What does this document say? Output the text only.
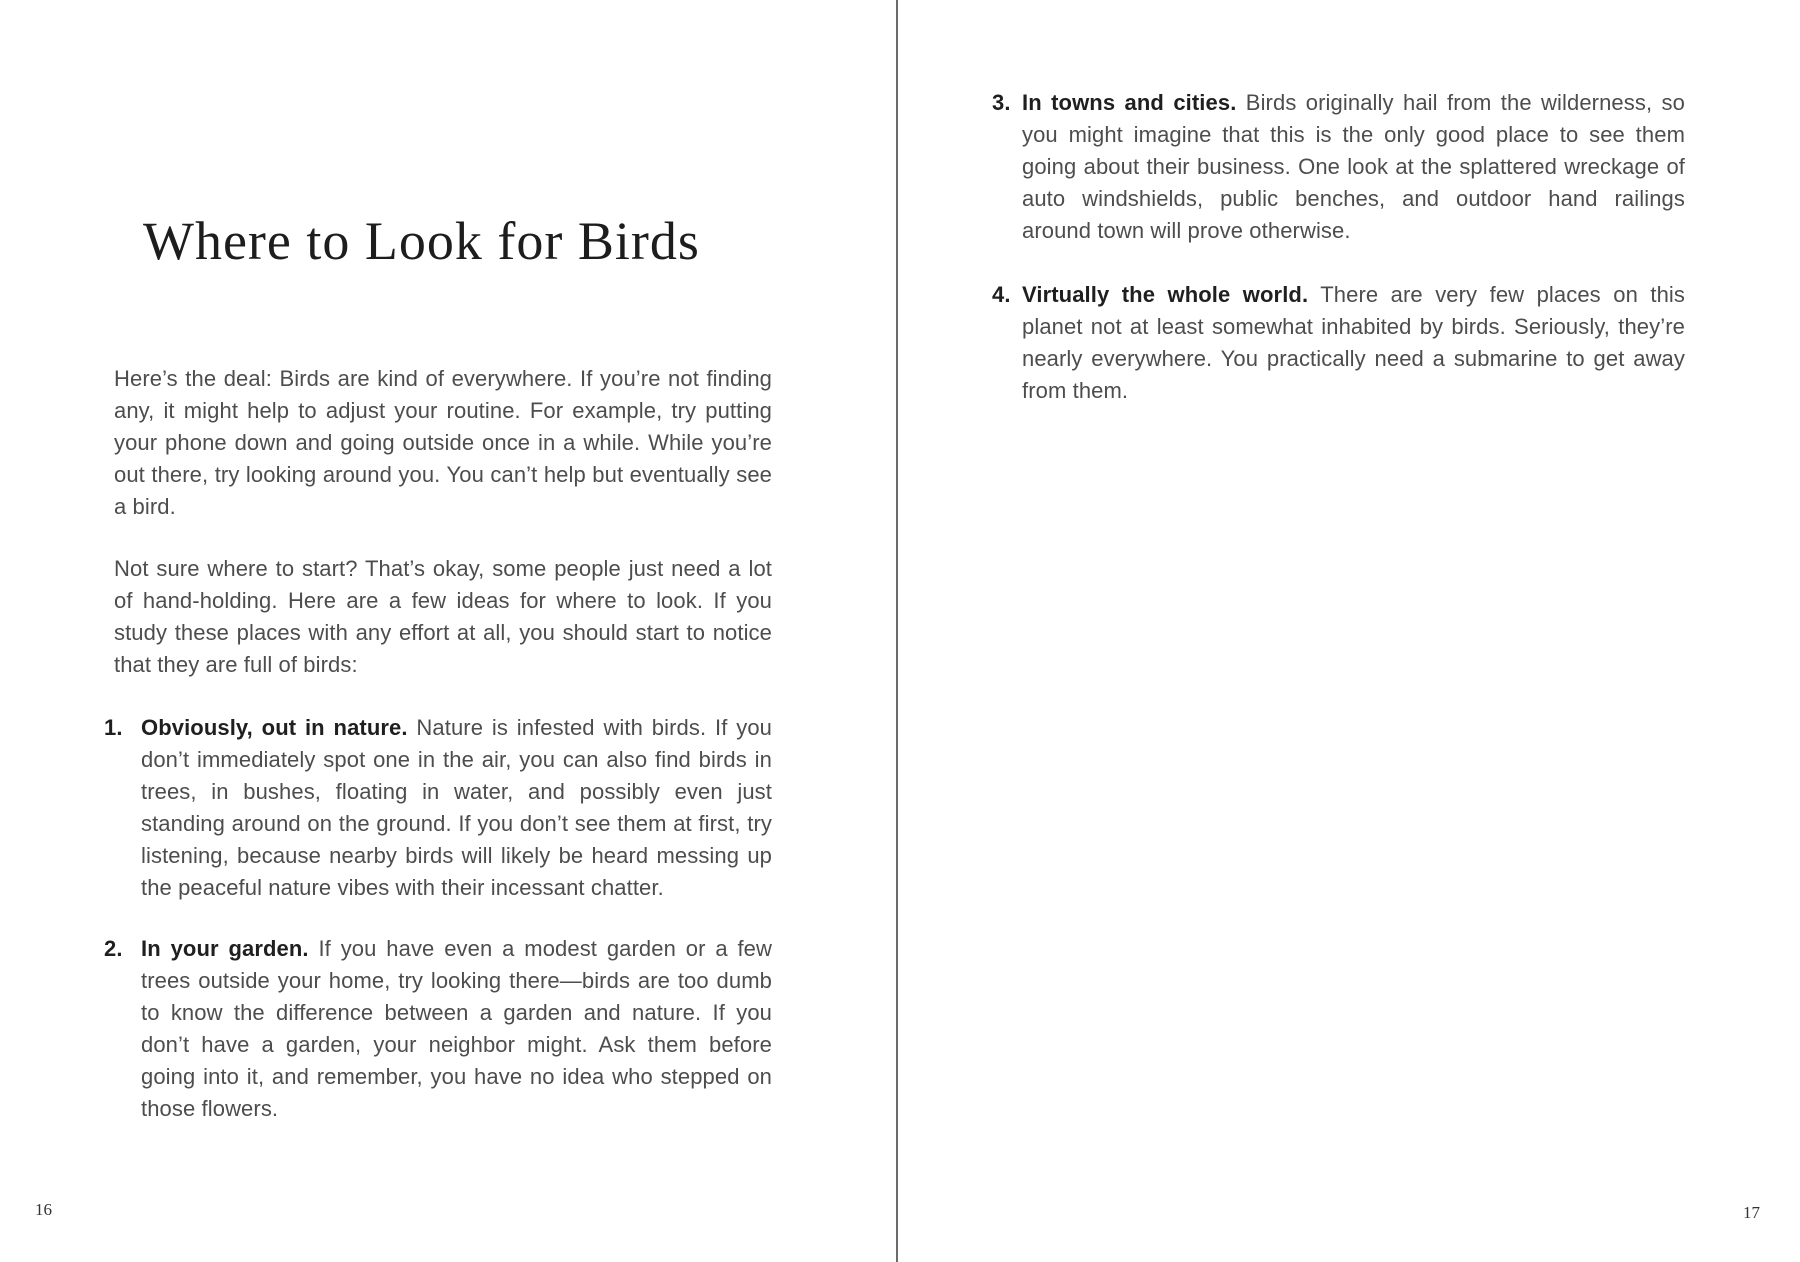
Where to Look for Birds

Here’s the deal: Birds are kind of everywhere. If you’re not finding any, it might help to adjust your routine. For example, try putting your phone down and going outside once in a while. While you’re out there, try looking around you. You can’t help but eventually see a bird.

Not sure where to start? That’s okay, some people just need a lot of hand-holding. Here are a few ideas for where to look. If you study these places with any effort at all, you should start to notice that they are full of birds:

1. Obviously, out in nature. Nature is infested with birds. If you don’t immediately spot one in the air, you can also find birds in trees, in bushes, floating in water, and possibly even just standing around on the ground. If you don’t see them at first, try listening, because nearby birds will likely be heard messing up the peaceful nature vibes with their incessant chatter.
2. In your garden. If you have even a modest garden or a few trees outside your home, try looking there—birds are too dumb to know the difference between a garden and nature. If you don’t have a garden, your neighbor might. Ask them before going into it, and remember, you have no idea who stepped on those flowers.
3. In towns and cities. Birds originally hail from the wilderness, so you might imagine that this is the only good place to see them going about their business. One look at the splattered wreckage of auto windshields, public benches, and outdoor hand railings around town will prove otherwise.
4. Virtually the whole world. There are very few places on this planet not at least somewhat inhabited by birds. Seriously, they’re nearly everywhere. You practically need a submarine to get away from them.
16	17
